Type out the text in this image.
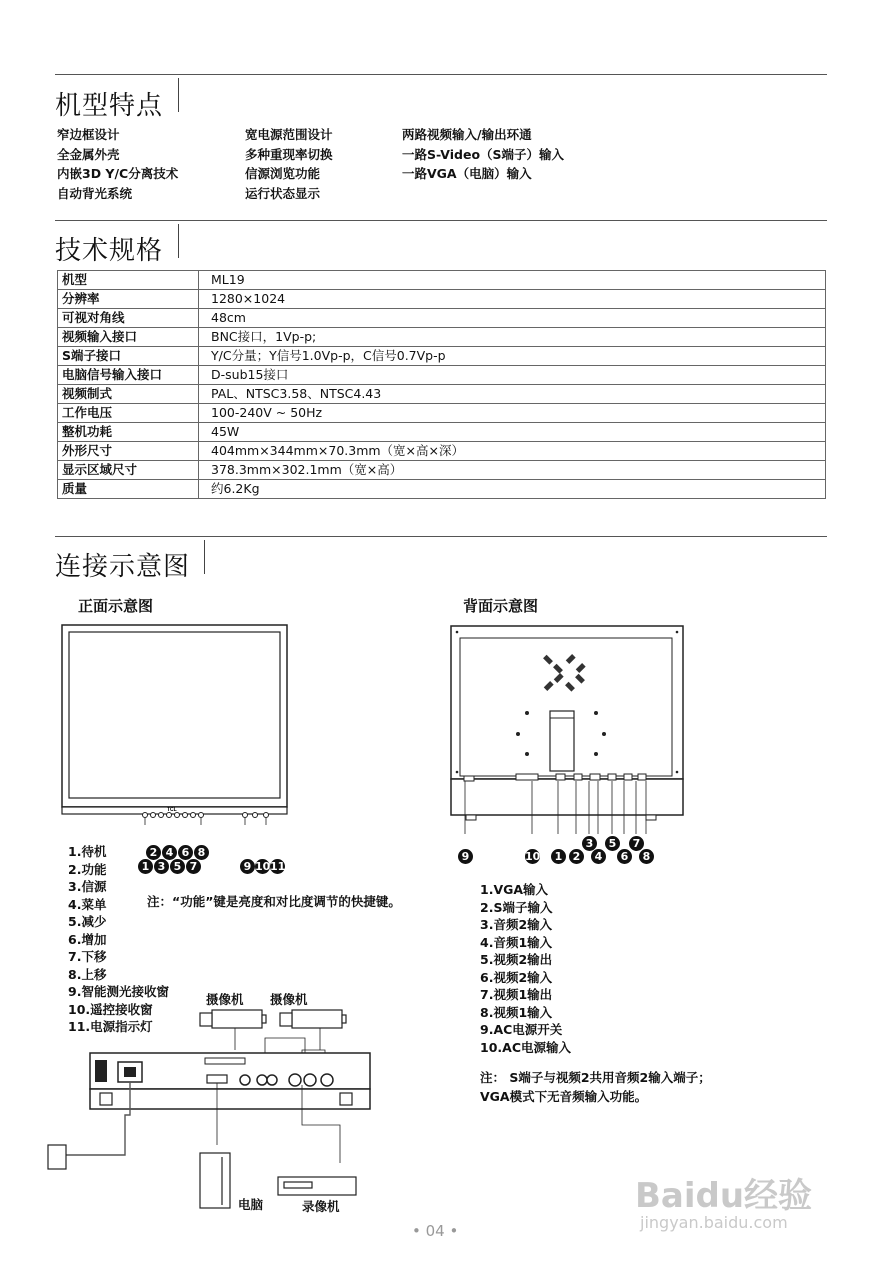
机型特点
窄边框设计
全金属外壳
内嵌3D Y/C分离技术
自动背光系统
宽电源范围设计
多种重现率切换
信源浏览功能
运行状态显示
两路视频输入/输出环通
一路S-Video（S端子）输入
一路VGA（电脑）输入
技术规格
机型	ML19
分辨率	1280×1024
可视对角线	48cm
视频输入接口	BNC接口，1Vp-p;
S端子接口	Y/C分量；Y信号1.0Vp-p，C信号0.7Vp-p
电脑信号输入接口	D-sub15接口
视频制式	PAL、NTSC3.58、NTSC4.43
工作电压	100-240V ~ 50Hz
整机功耗	45W
外形尺寸	404mm×344mm×70.3mm（宽×高×深）
显示区域尺寸	378.3mm×302.1mm（宽×高）
质量	约6.2Kg
连接示意图
正面示意图	背面示意图
TCL
2 4 6 8
1 3 5 7	9 10 11
1.待机
2.功能
3.信源
4.菜单
5.减少
6.增加
7.下移
8.上移
9.智能测光接收窗
10.遥控接收窗
11.电源指示灯
注：“功能”键是亮度和对比度调节的快捷键。
9	10	1 2
3
4
5
6
7
8
1.VGA输入
2.S端子输入
3.音频2输入
4.音频1输入
5.视频2输出
6.视频2输入
7.视频1输出
8.视频1输入
9.AC电源开关
10.AC电源输入
注： S端子与视频2共用音频2输入端子；
VGA模式下无音频输入功能。
摄像机 摄像机
电脑	录像机
• 04 •
Baidu经验
jingyan.baidu.com
